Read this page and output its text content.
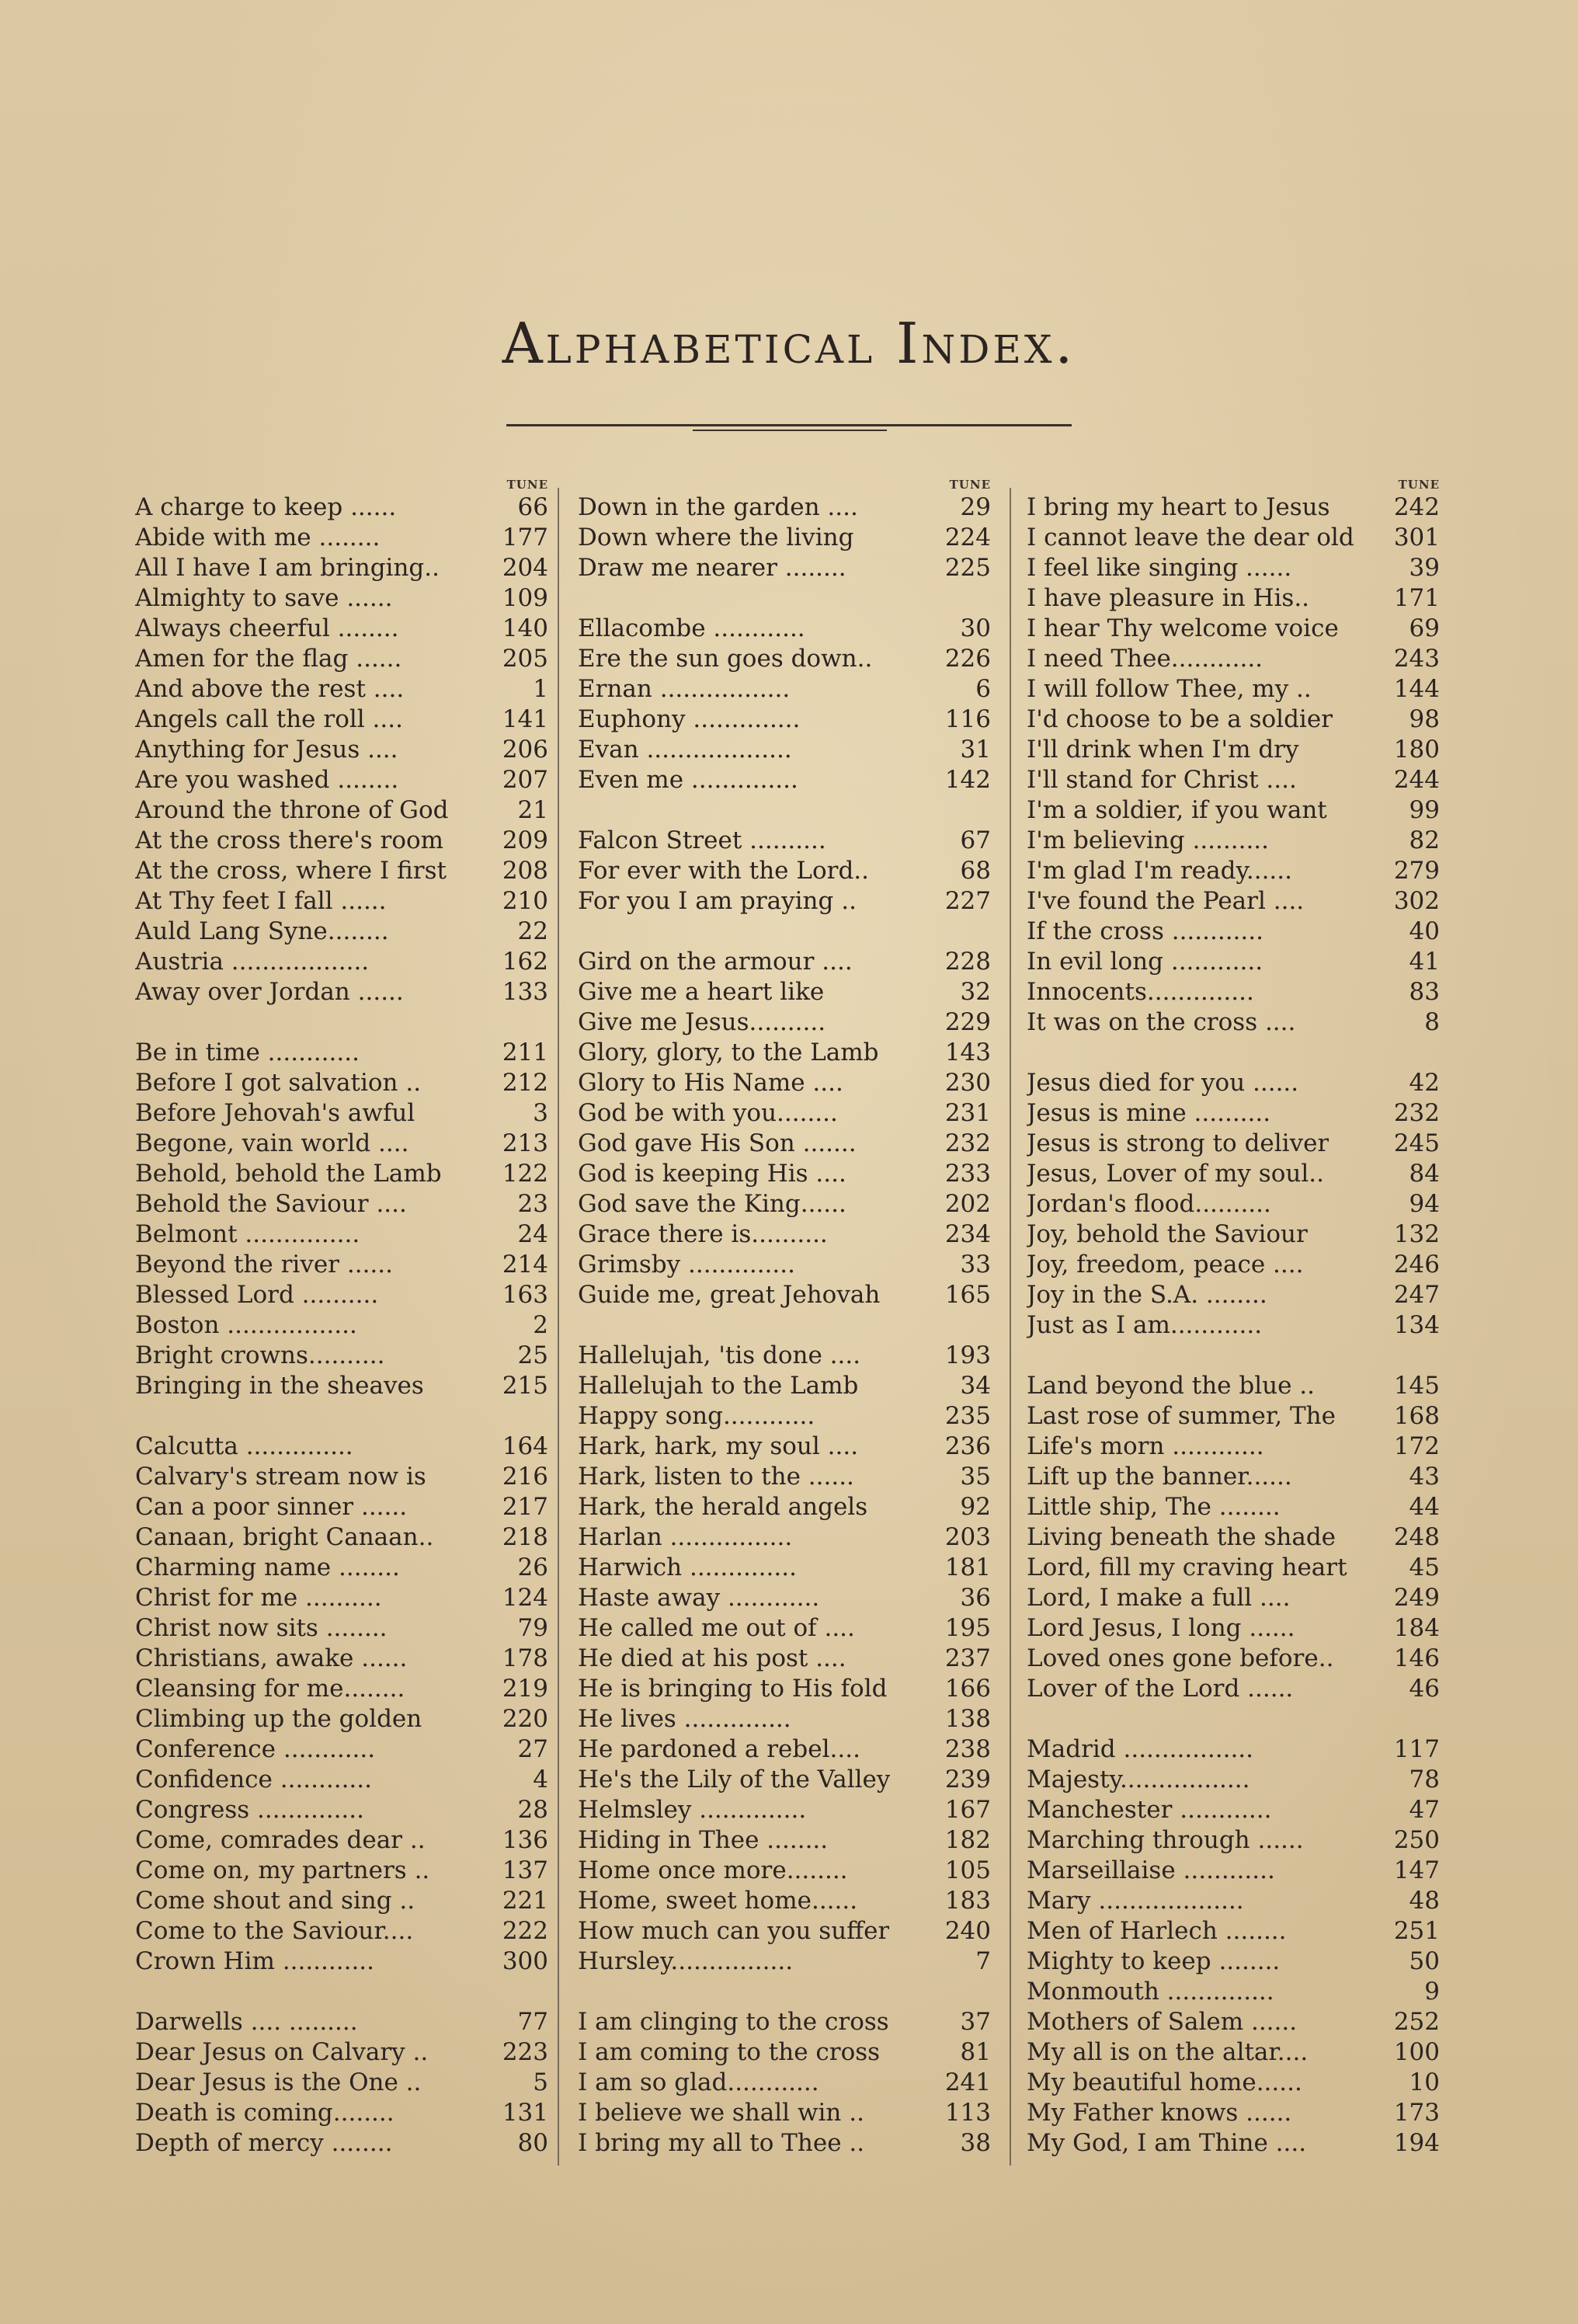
Alphabetical Index.
TUNE
A charge to keep ......	66
Abide with me ........	177
All I have I am bringing..	204
Almighty to save ......	109
Always cheerful ........	140
Amen for the flag ......	205
And above the rest ....	1
Angels call the roll ....	141
Anything for Jesus ....	206
Are you washed ........	207
Around the throne of God	21
At the cross there's room 209
At the cross, where I first 208
At Thy feet I fall ......	210
Auld Lang Syne........	22
Austria ..................	162
Away over Jordan ......	133
Be in time ............	211
Before I got salvation ..	212
Before Jehovah's awful	3
Begone, vain world ....	213
Behold, behold the Lamb	122
Behold the Saviour ....	23
Belmont ...............	24
Beyond the river ......	214
Blessed Lord ..........	163
Boston .................	2
Bright crowns..........	25
Bringing in the sheaves	215
Calcutta ..............	164
Calvary's stream now is	216
Can a poor sinner ......	217
Canaan, bright Canaan..	218
Charming name ........	26
Christ for me ..........	124
Christ now sits ........	79
Christians, awake ......	178
Cleansing for me........	219
Climbing up the golden	220
Conference ............	27
Confidence ............	4
Congress ..............	28
Come, comrades dear ..	136
Come on, my partners ..	137
Come shout and sing ..	221
Come to the Saviour....	222
Crown Him ............	300
Darwells .... .........	77
Dear Jesus on Calvary ..	223
Dear Jesus is the One ..	5
Death is coming........	131
Depth of mercy ........	80
TUNE
Down in the garden ....	29
Down where the living	224
Draw me nearer ........	225
Ellacombe ............	30
Ere the sun goes down..	226
Ernan .................	6
Euphony ..............	116
Evan ...................	31
Even me ..............	142
Falcon Street ..........	67
For ever with the Lord..	68
For you I am praying ..	227
Gird on the armour ....	228
Give me a heart like	32
Give me Jesus..........	229
Glory, glory, to the Lamb	143
Glory to His Name ....	230
God be with you........	231
God gave His Son .......	232
God is keeping His ....	233
God save the King......	202
Grace there is..........	234
Grimsby ..............	33
Guide me, great Jehovah	165
Hallelujah, 'tis done ....	193
Hallelujah to the Lamb	34
Happy song............	235
Hark, hark, my soul ....	236
Hark, listen to the ......	35
Hark, the herald angels	92
Harlan ................	203
Harwich ..............	181
Haste away ............	36
He called me out of ....	195
He died at his post ....	237
He is bringing to His fold 166
He lives ..............	138
He pardoned a rebel....	238
He's the Lily of the Valley 239
Helmsley ..............	167
Hiding in Thee ........	182
Home once more........	105
Home, sweet home......	183
How much can you suffer 240
Hursley................	7
I am clinging to the cross	37
I am coming to the cross	81
I am so glad............	241
I believe we shall win ..	113
I bring my all to Thee ..	38
TUNE
I bring my heart to Jesus	242
I cannot leave the dear old 301
I feel like singing ......	39
I have pleasure in His..	171
I hear Thy welcome voice	69
I need Thee............	243
I will follow Thee, my ..	144
I'd choose to be a soldier	98
I'll drink when I'm dry	180
I'll stand for Christ ....	244
I'm a soldier, if you want	99
I'm believing ..........	82
I'm glad I'm ready......	279
I've found the Pearl ....	302
If the cross ............	40
In evil long ............	41
Innocents..............	83
It was on the cross ....	8
Jesus died for you ......	42
Jesus is mine ..........	232
Jesus is strong to deliver	245
Jesus, Lover of my soul..	84
Jordan's flood..........	94
Joy, behold the Saviour	132
Joy, freedom, peace ....	246
Joy in the S.A. ........	247
Just as I am............	134
Land beyond the blue ..	145
Last rose of summer, The 168
Life's morn ............	172
Lift up the banner......	43
Little ship, The ........	44
Living beneath the shade 248
Lord, fill my craving heart	45
Lord, I make a full ....	249
Lord Jesus, I long ......	184
Loved ones gone before.. 146
Lover of the Lord ......	46
Madrid .................	117
Majesty.................	78
Manchester ............	47
Marching through ......	250
Marseillaise ............	147
Mary ...................	48
Men of Harlech ........	251
Mighty to keep ........	50
Monmouth ..............	9
Mothers of Salem ......	252
My all is on the altar....	100
My beautiful home......	10
My Father knows ......	173
My God, I am Thine ....	194
